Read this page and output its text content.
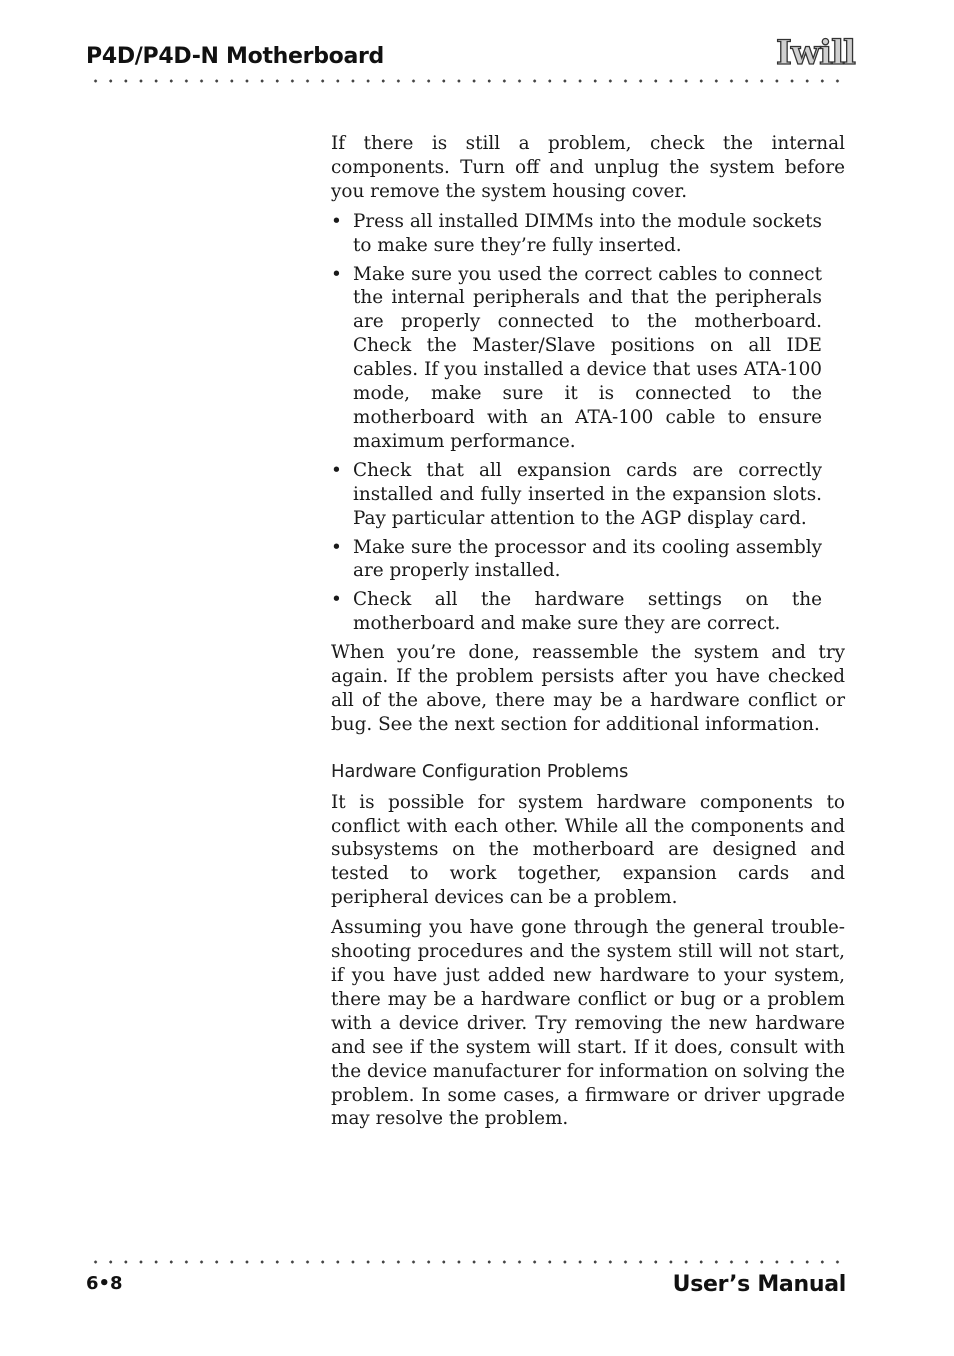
P4D/P4D-N Motherboard	Iwill

If there is still a problem, check the internal components. Turn off and unplug the system before you remove the system housing cover.

• Press all installed DIMMs into the module sockets to make sure they’re fully inserted.
• Make sure you used the correct cables to connect the internal peripherals and that the peripherals are properly connected to the motherboard. Check the Master/Slave positions on all IDE cables. If you installed a device that uses ATA-100 mode, make sure it is connected to the motherboard with an ATA-100 cable to ensure maximum performance.
• Check that all expansion cards are correctly installed and fully inserted in the expansion slots. Pay particular attention to the AGP display card.
• Make sure the processor and its cooling assembly are properly installed.
• Check all the hardware settings on the motherboard and make sure they are correct.

When you’re done, reassemble the system and try again. If the problem persists after you have checked all of the above, there may be a hardware conflict or bug. See the next section for additional information.

Hardware Configuration Problems

It is possible for system hardware components to conflict with each other. While all the components and subsystems on the motherboard are designed and tested to work together, expansion cards and peripheral devices can be a problem.

Assuming you have gone through the general troubleshooting procedures and the system still will not start, if you have just added new hardware to your system, there may be a hardware conflict or bug or a problem with a device driver. Try removing the new hardware and see if the system will start. If it does, consult with the device manufacturer for information on solving the problem. In some cases, a firmware or driver upgrade may resolve the problem.

6•8	User’s Manual
